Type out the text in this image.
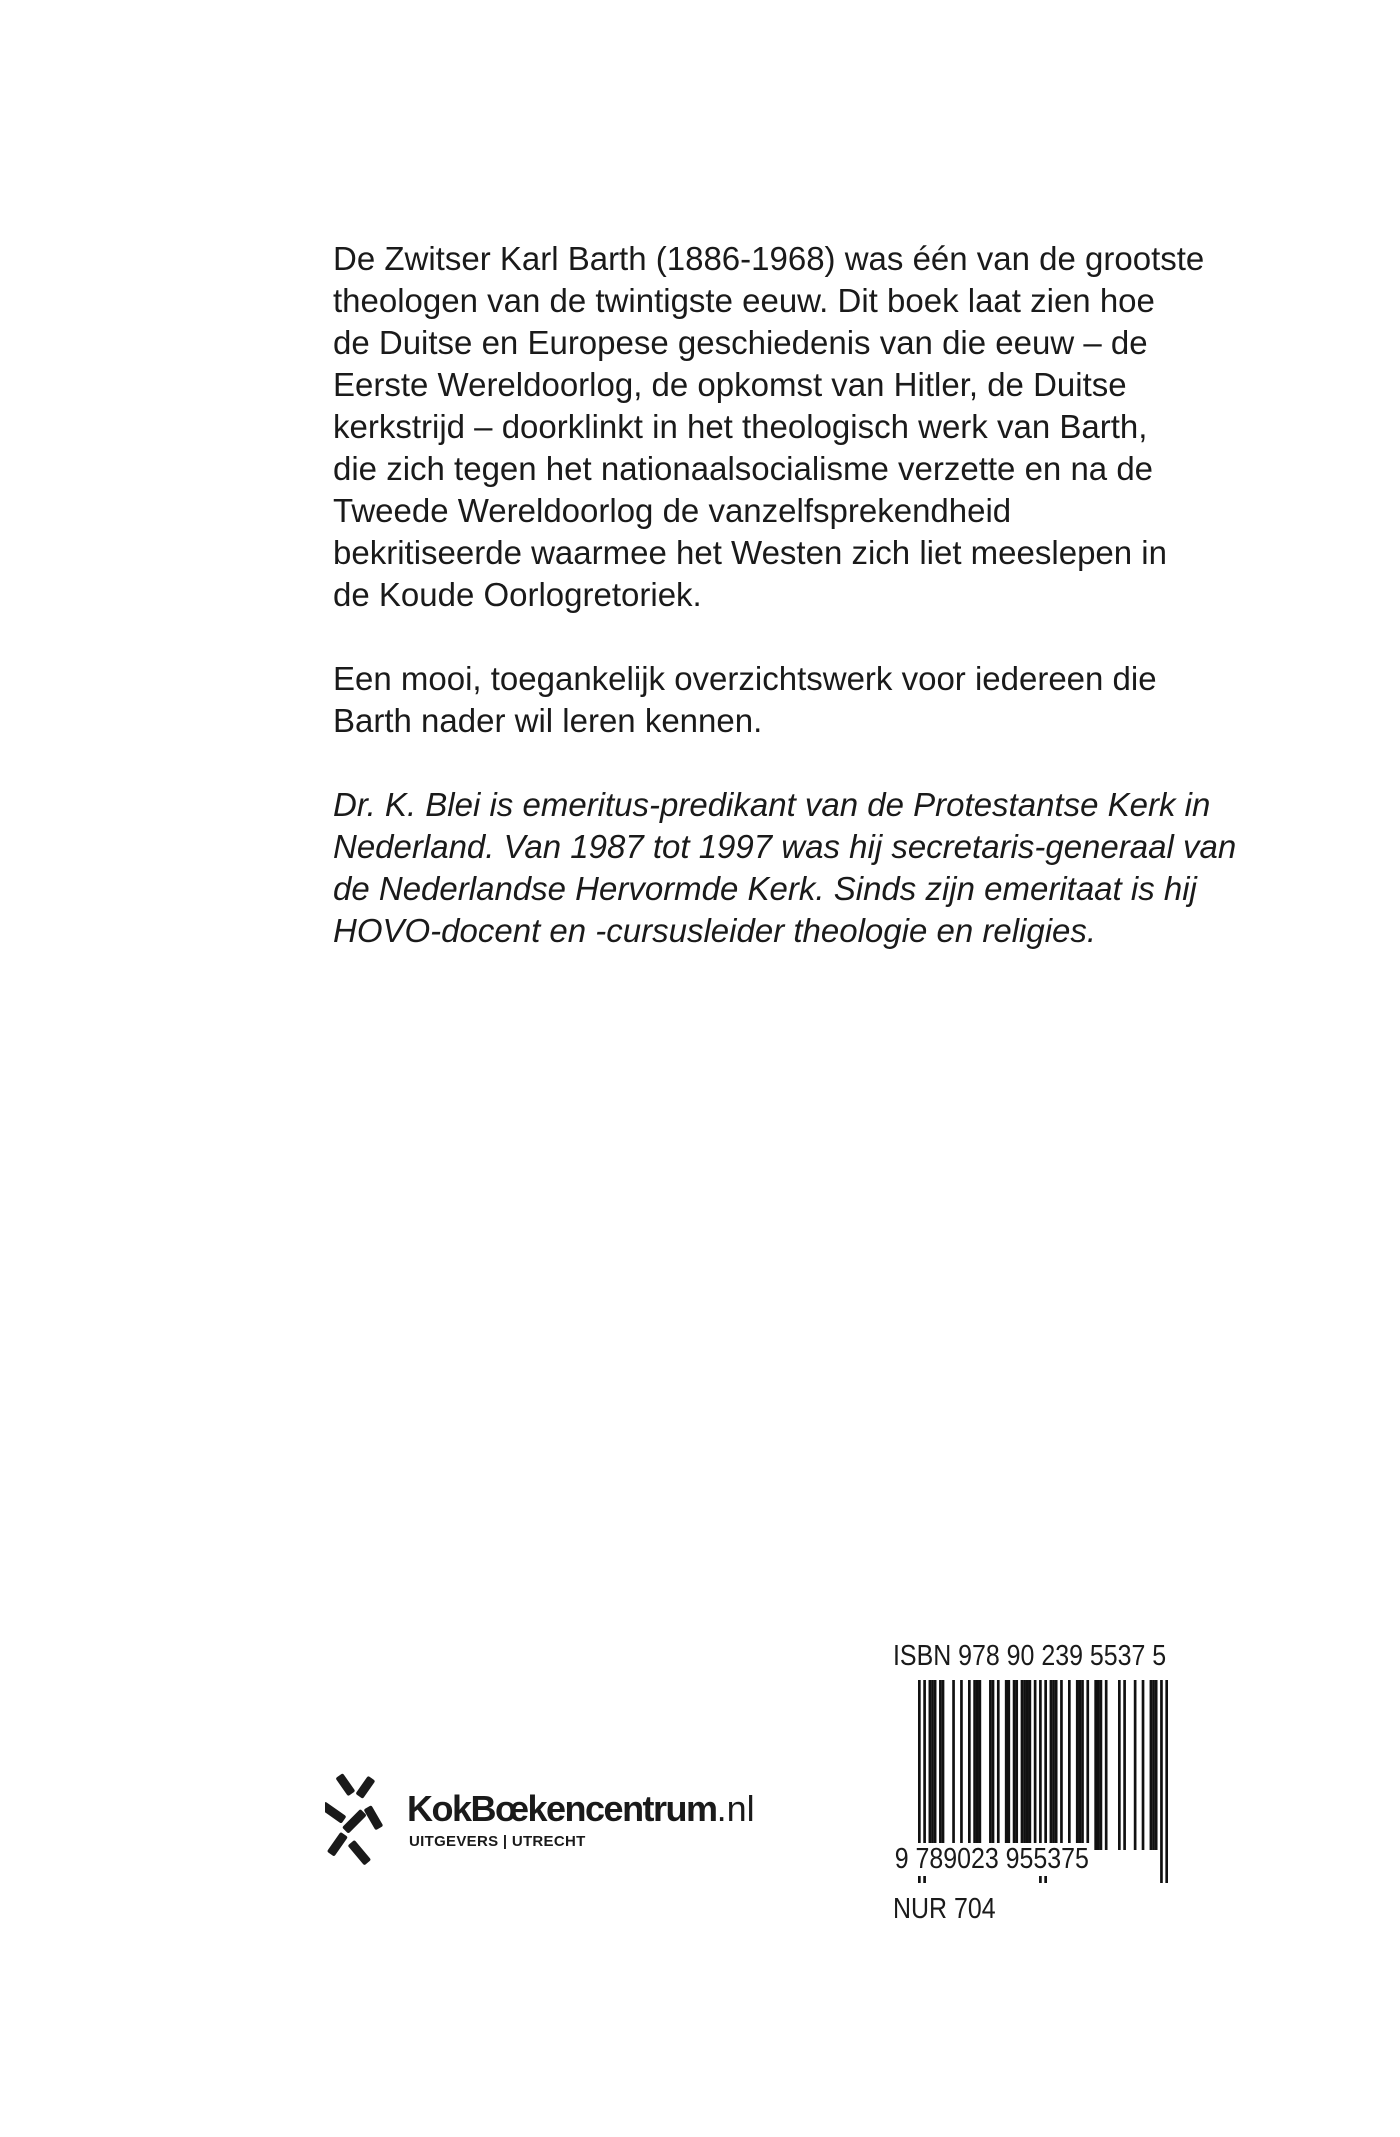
De Zwitser Karl Barth (1886-1968) was één van de grootste
theologen van de twintigste eeuw. Dit boek laat zien hoe
de Duitse en Europese geschiedenis van die eeuw – de
Eerste Wereldoorlog, de opkomst van Hitler, de Duitse
kerkstrijd – doorklinkt in het theologisch werk van Barth,
die zich tegen het nationaalsocialisme verzette en na de
Tweede Wereldoorlog de vanzelfsprekendheid
bekritiseerde waarmee het Westen zich liet meeslepen in
de Koude Oorlogretoriek.

Een mooi, toegankelijk overzichtswerk voor iedereen die
Barth nader wil leren kennen.

Dr. K. Blei is emeritus-predikant van de Protestantse Kerk in
Nederland. Van 1987 tot 1997 was hij secretaris-generaal van
de Nederlandse Hervormde Kerk. Sinds zijn emeritaat is hij
HOVO-docent en -cursusleider theologie en religies.

KokBœkencentrum.nl
UITGEVERS | UTRECHT
ISBN 978 90 239 5537 5
9 789023 955375
NUR 704
